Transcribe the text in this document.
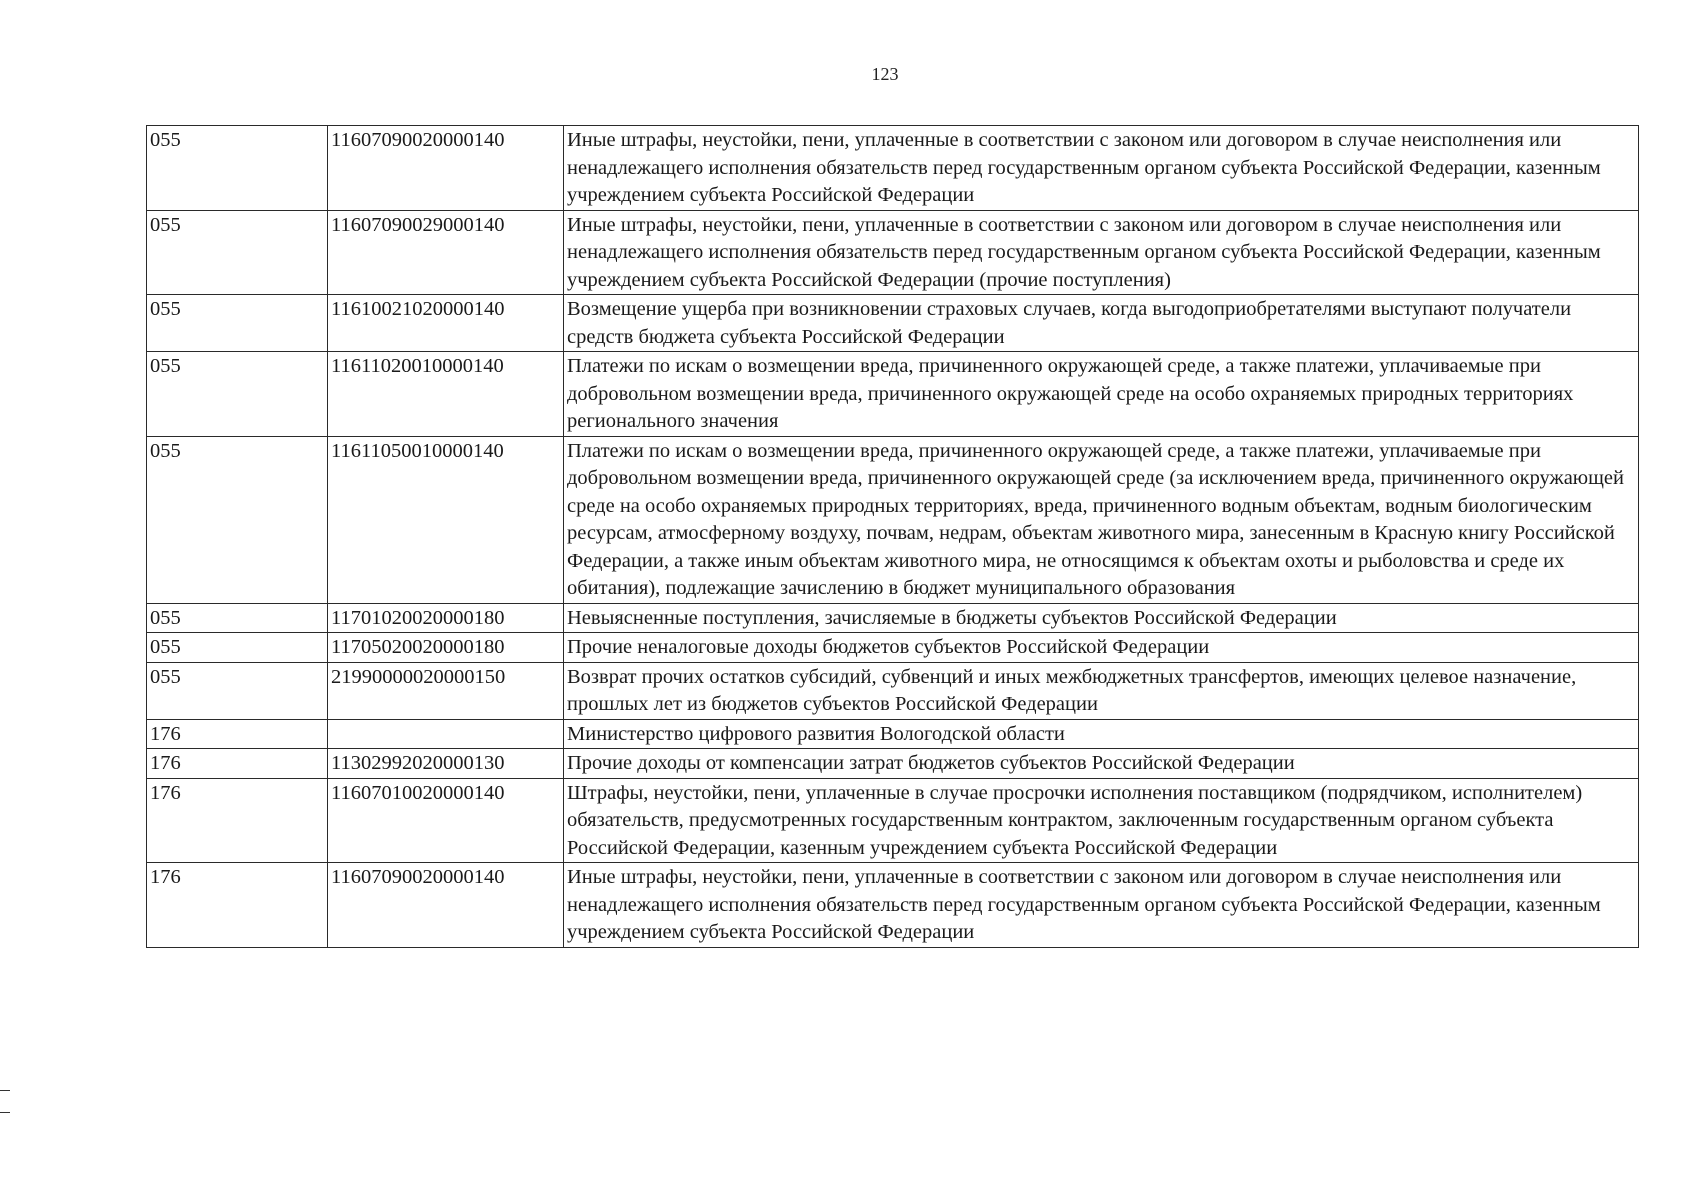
123
055	11607090020000140	Иные штрафы, неустойки, пени, уплаченные в соответствии с законом или договором в случае неисполнения или ненадлежащего исполнения обязательств перед государственным органом субъекта Российской Федерации, казенным учреждением субъекта Российской Федерации
055	11607090029000140	Иные штрафы, неустойки, пени, уплаченные в соответствии с законом или договором в случае неисполнения или ненадлежащего исполнения обязательств перед государственным органом субъекта Российской Федерации, казенным учреждением субъекта Российской Федерации (прочие поступления)
055	11610021020000140	Возмещение ущерба при возникновении страховых случаев, когда выгодоприобретателями выступают получатели средств бюджета субъекта Российской Федерации
055	11611020010000140	Платежи по искам о возмещении вреда, причиненного окружающей среде, а также платежи, уплачиваемые при добровольном возмещении вреда, причиненного окружающей среде на особо охраняемых природных территориях регионального значения
055	11611050010000140	Платежи по искам о возмещении вреда, причиненного окружающей среде, а также платежи, уплачиваемые при добровольном возмещении вреда, причиненного окружающей среде (за исключением вреда, причиненного окружающей среде на особо охраняемых природных территориях, вреда, причиненного водным объектам, водным биологическим ресурсам, атмосферному воздуху, почвам, недрам, объектам животного мира, занесенным в Красную книгу Российской Федерации, а также иным объектам животного мира, не относящимся к объектам охоты и рыболовства и среде их обитания), подлежащие зачислению в бюджет муниципального образования
055	11701020020000180	Невыясненные поступления, зачисляемые в бюджеты субъектов Российской Федерации
055	11705020020000180	Прочие неналоговые доходы бюджетов субъектов Российской Федерации
055	21990000020000150	Возврат прочих остатков субсидий, субвенций и иных межбюджетных трансфертов, имеющих целевое назначение, прошлых лет из бюджетов субъектов Российской Федерации
176		Министерство цифрового развития Вологодской области
176	11302992020000130	Прочие доходы от компенсации затрат бюджетов субъектов Российской Федерации
176	11607010020000140	Штрафы, неустойки, пени, уплаченные в случае просрочки исполнения поставщиком (подрядчиком, исполнителем) обязательств, предусмотренных государственным контрактом, заключенным государственным органом субъекта Российской Федерации, казенным учреждением субъекта Российской Федерации
176	11607090020000140	Иные штрафы, неустойки, пени, уплаченные в соответствии с законом или договором в случае неисполнения или ненадлежащего исполнения обязательств перед государственным органом субъекта Российской Федерации, казенным учреждением субъекта Российской Федерации
